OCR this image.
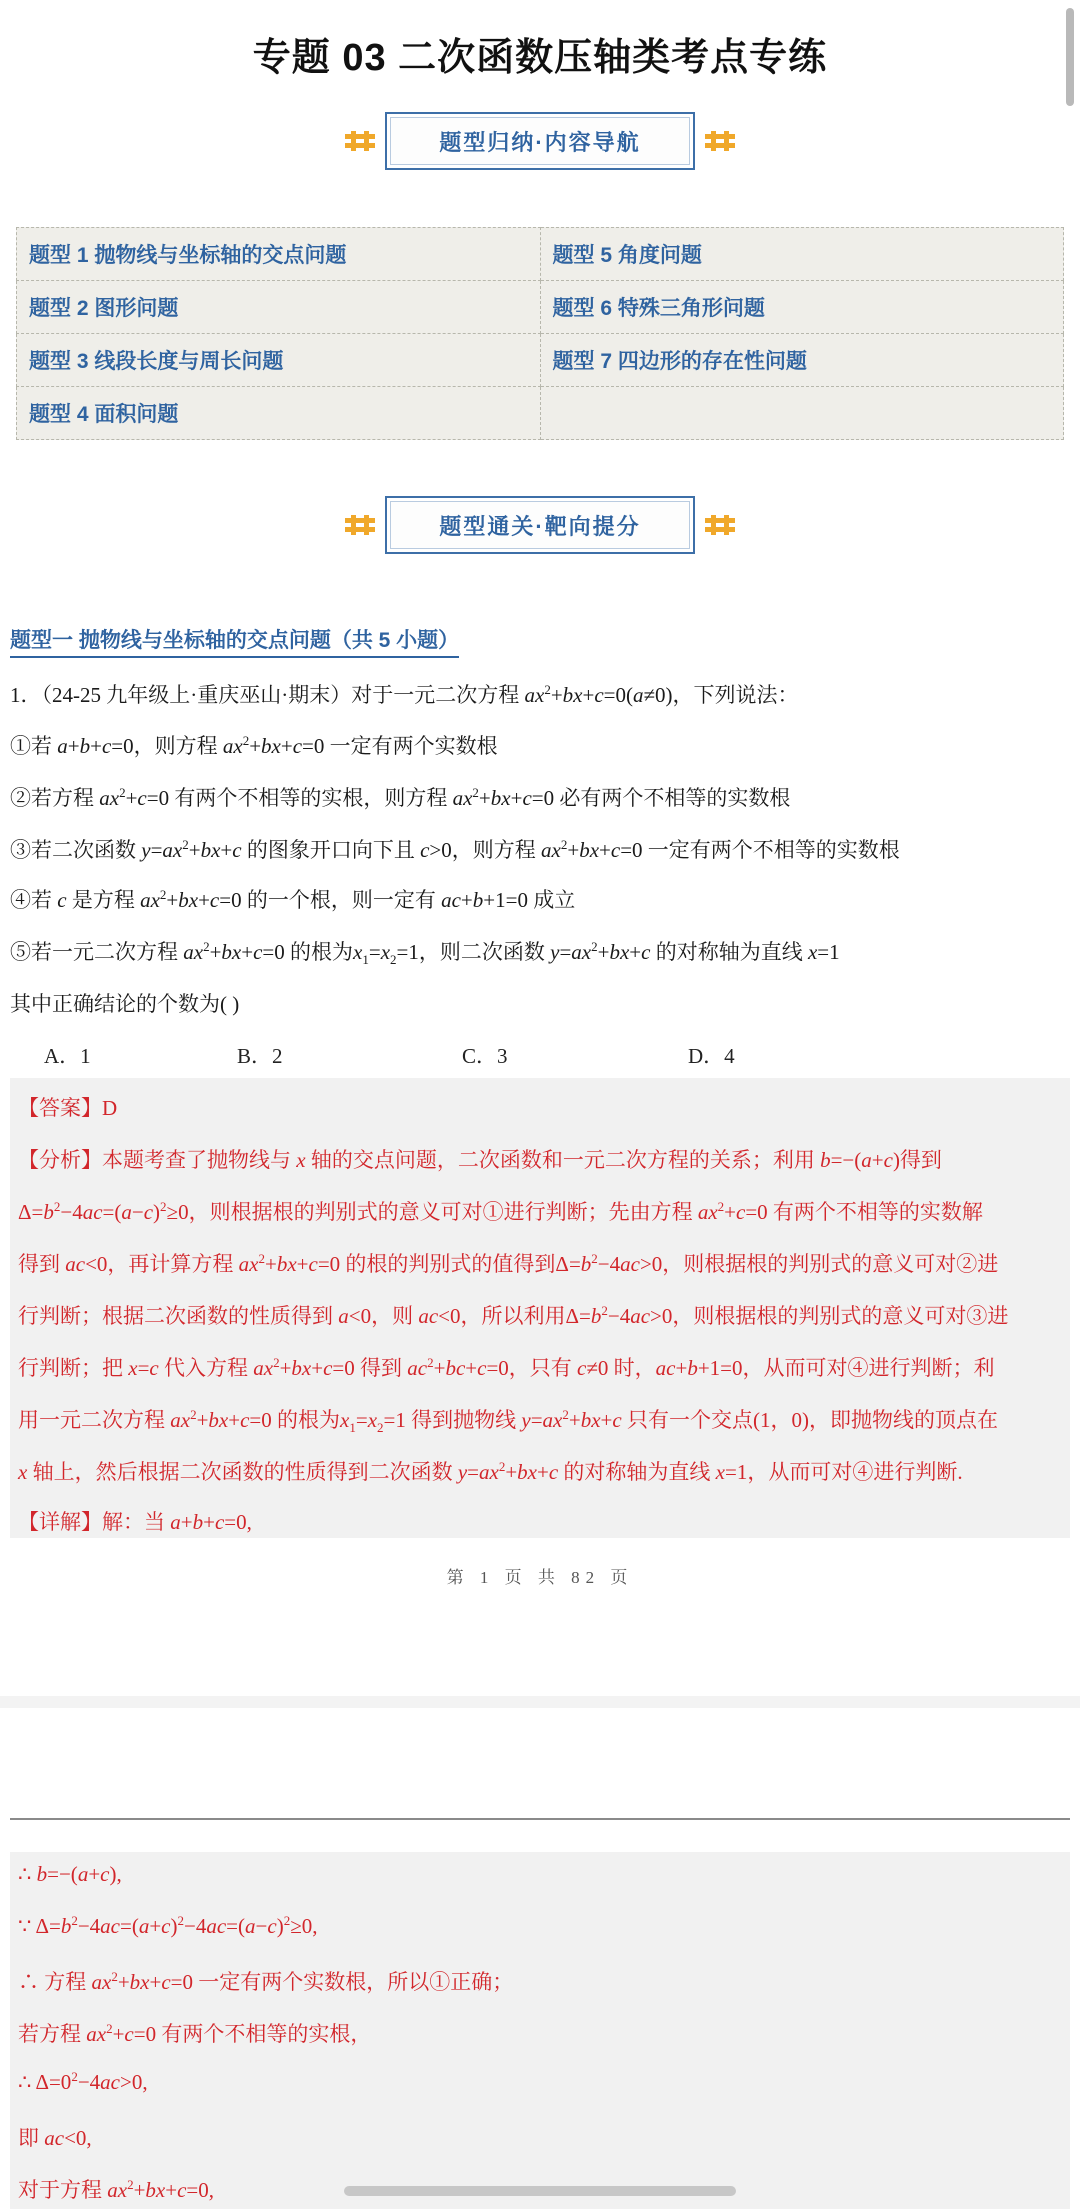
专题 03 二次函数压轴类考点专练
题型归纳·内容导航
题型 1 抛物线与坐标轴的交点问题	题型 5 角度问题
题型 2 图形问题	题型 6 特殊三角形问题
题型 3 线段长度与周长问题	题型 7 四边形的存在性问题
题型 4 面积问题	
题型通关·靶向提分
题型一 抛物线与坐标轴的交点问题（共 5 小题）
1．（24-25 九年级上·重庆巫山·期末）对于一元二次方程 $ax^2+bx+c=0(a\ne 0)$，下列说法：
①若 a+b+c=0，则方程 $ax^2+bx+c=0$ 一定有两个实数根
②若方程 $ax^2+c=0$ 有两个不相等的实根，则方程 $ax^2+bx+c=0$ 必有两个不相等的实数根
③若二次函数 $y=ax^2+bx+c$ 的图象开口向下且 c>0，则方程 $ax^2+bx+c=0$ 一定有两个不相等的实数根
④若 c 是方程 $ax^2+bx+c=0$ 的一个根，则一定有 ac+b+1=0 成立
⑤若一元二次方程 $ax^2+bx+c=0$ 的根为$x_1=x_2=1$，则二次函数 $y=ax^2+bx+c$ 的对称轴为直线 x=1
其中正确结论的个数为( )
A．1	B．2	C．3	D．4
【答案】D
【分析】本题考查了抛物线与 x 轴的交点问题，二次函数和一元二次方程的关系；利用 b=−(a+c)得到
$\Delta=b^2-4ac=(a-c)^2\ge 0$，则根据根的判别式的意义可对①进行判断；先由方程 $ax^2+c=0$ 有两个不相等的实数解
得到 ac<0，再计算方程 $ax^2+bx+c=0$ 的根的判别式的值得到$\Delta=b^2-4ac>0$，则根据根的判别式的意义可对②进
行判断；根据二次函数的性质得到 a<0，则 ac<0，所以利用$\Delta=b^2-4ac>0$，则根据根的判别式的意义可对③进
行判断；把 x=c 代入方程 $ax^2+bx+c=0$ 得到 $ac^2+bc+c=0$，只有 c≠0 时，ac+b+1=0，从而可对④进行判断；利
用一元二次方程 $ax^2+bx+c=0$ 的根为$x_1=x_2=1$ 得到抛物线 $y=ax^2+bx+c$ 只有一个交点(1，0)，即抛物线的顶点在
x 轴上，然后根据二次函数的性质得到二次函数 $y=ax^2+bx+c$ 的对称轴为直线 x=1，从而可对④进行判断.
【详解】解：当 a+b+c=0,
第 1 页 共 82 页
∴ b=−(a+c),
∵ $\Delta=b^2-4ac=(a+c)^2-4ac=(a-c)^2\ge 0$,
∴ 方程 $ax^2+bx+c=0$ 一定有两个实数根，所以①正确；
若方程 $ax^2+c=0$ 有两个不相等的实根，
∴ $\Delta=0^2-4ac>0$,
即 ac<0,
对于方程 $ax^2+bx+c=0$,
